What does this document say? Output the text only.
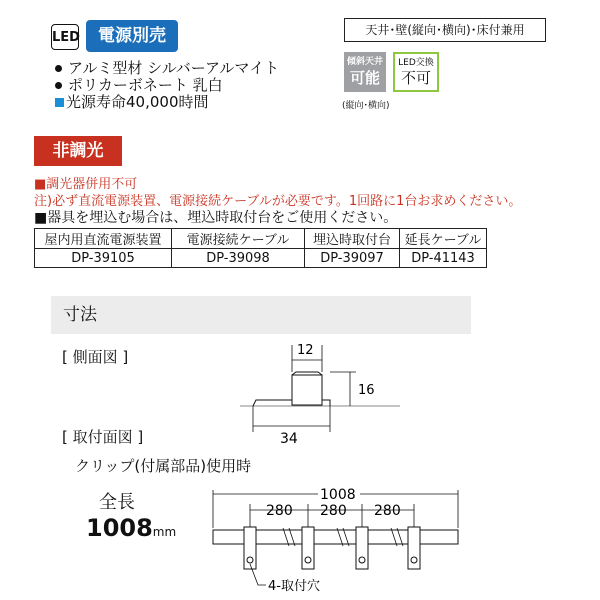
LED	電源別売
アルミ型材 シルバーアルマイト
ポリカーボネート 乳白
光源寿命40,000時間
天井･壁(縦向･横向)･床付兼用
傾斜天井
可能
LED交換
不可
(縦向･横向)
非調光
■調光器併用不可
注)必ず直流電源装置、電源接続ケーブルが必要です。1回路に1台お求めください。
■器具を埋込む場合は、埋込時取付台をご使用ください。
屋内用直流電源装置	電源接続ケーブル	埋込時取付台	延長ケーブル
DP-39105	DP-39098	DP-39097	DP-41143
寸法
[ 側面図 ]
[ 取付面図 ]
クリップ(付属部品)使用時
全長
1008mm
12
16
34
1008
280 280 280
4-取付穴
